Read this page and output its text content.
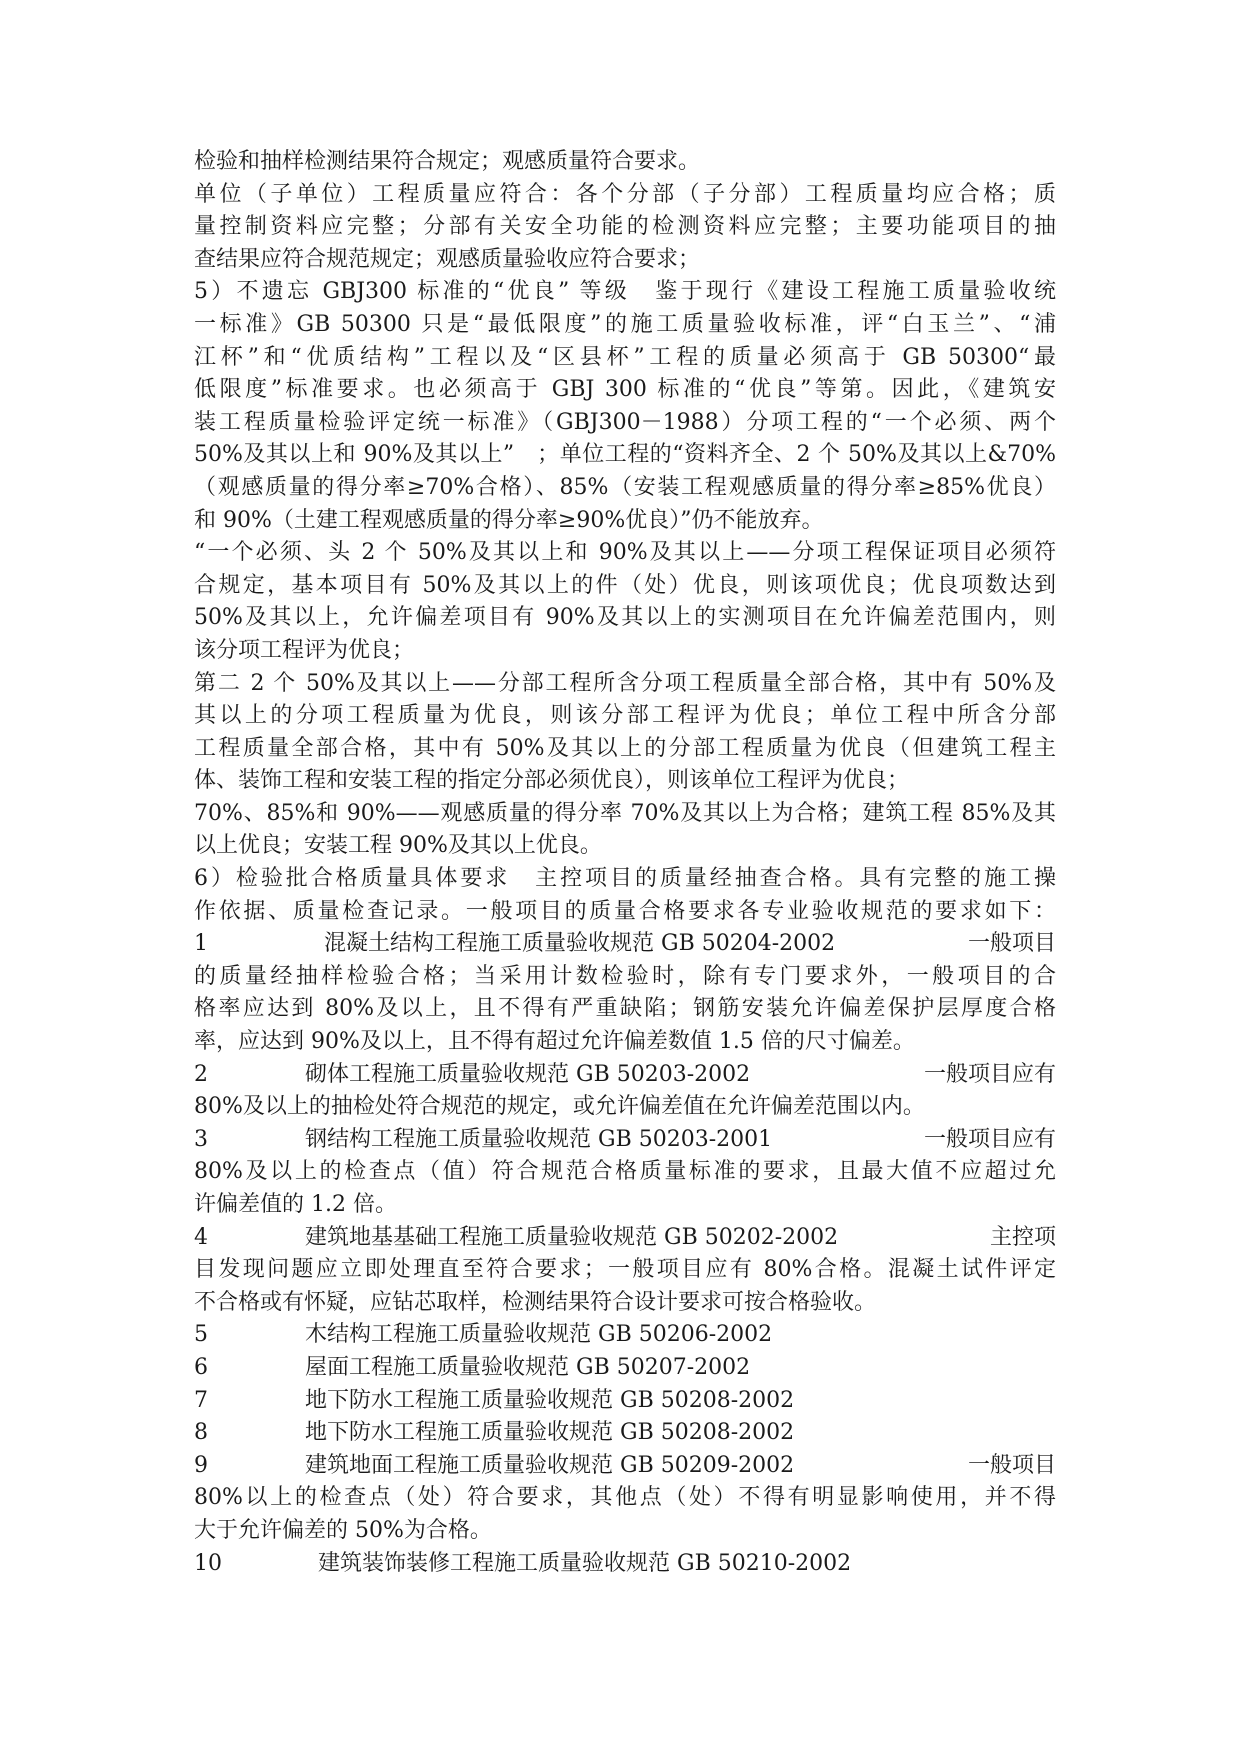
检验和抽样检测结果符合规定；观感质量符合要求。
单位（子单位）工程质量应符合：各个分部（子分部）工程质量均应合格；质
量控制资料应完整；分部有关安全功能的检测资料应完整；主要功能项目的抽
查结果应符合规范规定；观感质量验收应符合要求；
5）不遗忘 GBJ300 标准的“优良” 等级　鉴于现行《建设工程施工质量验收统
一标准》GB 50300 只是“最低限度”的施工质量验收标准，评“白玉兰”、“浦
江杯”和“优质结构”工程以及“区县杯”工程的质量必须高于 GB 50300“最
低限度”标准要求。也必须高于 GBJ 300 标准的“优良”等第。因此，《建筑安
装工程质量检验评定统一标准》（GBJ300－1988）分项工程的“一个必须、两个
50%及其以上和 90%及其以上”　；单位工程的“资料齐全、2 个 50%及其以上&70%
（观感质量的得分率≥70%合格）、85%（安装工程观感质量的得分率≥85%优良）
和 90%（土建工程观感质量的得分率≥90%优良）”仍不能放弃。
“一个必须、头 2 个 50%及其以上和 90%及其以上——分项工程保证项目必须符
合规定，基本项目有 50%及其以上的件（处）优良，则该项优良；优良项数达到
50%及其以上，允许偏差项目有 90%及其以上的实测项目在允许偏差范围内，则
该分项工程评为优良；
第二 2 个 50%及其以上——分部工程所含分项工程质量全部合格，其中有 50%及
其以上的分项工程质量为优良，则该分部工程评为优良；单位工程中所含分部
工程质量全部合格，其中有 50%及其以上的分部工程质量为优良（但建筑工程主
体、装饰工程和安装工程的指定分部必须优良），则该单位工程评为优良；
70%、85%和 90%——观感质量的得分率 70%及其以上为合格；建筑工程 85%及其
以上优良；安装工程 90%及其以上优良。
6）检验批合格质量具体要求　主控项目的质量经抽查合格。具有完整的施工操
作依据、质量检查记录。一般项目的质量合格要求各专业验收规范的要求如下：
1	混凝土结构工程施工质量验收规范 GB 50204-2002	一般项目
的质量经抽样检验合格；当采用计数检验时，除有专门要求外，一般项目的合
格率应达到 80%及以上，且不得有严重缺陷；钢筋安装允许偏差保护层厚度合格
率，应达到 90%及以上，且不得有超过允许偏差数值 1.5 倍的尺寸偏差。
2	砌体工程施工质量验收规范 GB 50203-2002	一般项目应有
80%及以上的抽检处符合规范的规定，或允许偏差值在允许偏差范围以内。
3	钢结构工程施工质量验收规范 GB 50203-2001	一般项目应有
80%及以上的检查点（值）符合规范合格质量标准的要求，且最大值不应超过允
许偏差值的 1.2 倍。
4	建筑地基基础工程施工质量验收规范 GB 50202-2002	主控项
目发现问题应立即处理直至符合要求；一般项目应有 80%合格。混凝土试件评定
不合格或有怀疑，应钻芯取样，检测结果符合设计要求可按合格验收。
5	木结构工程施工质量验收规范 GB 50206-2002
6	屋面工程施工质量验收规范 GB 50207-2002
7	地下防水工程施工质量验收规范 GB 50208-2002
8	地下防水工程施工质量验收规范 GB 50208-2002
9	建筑地面工程施工质量验收规范 GB 50209-2002	一般项目
80%以上的检查点（处）符合要求，其他点（处）不得有明显影响使用，并不得
大于允许偏差的 50%为合格。
10	建筑装饰装修工程施工质量验收规范 GB 50210-2002
